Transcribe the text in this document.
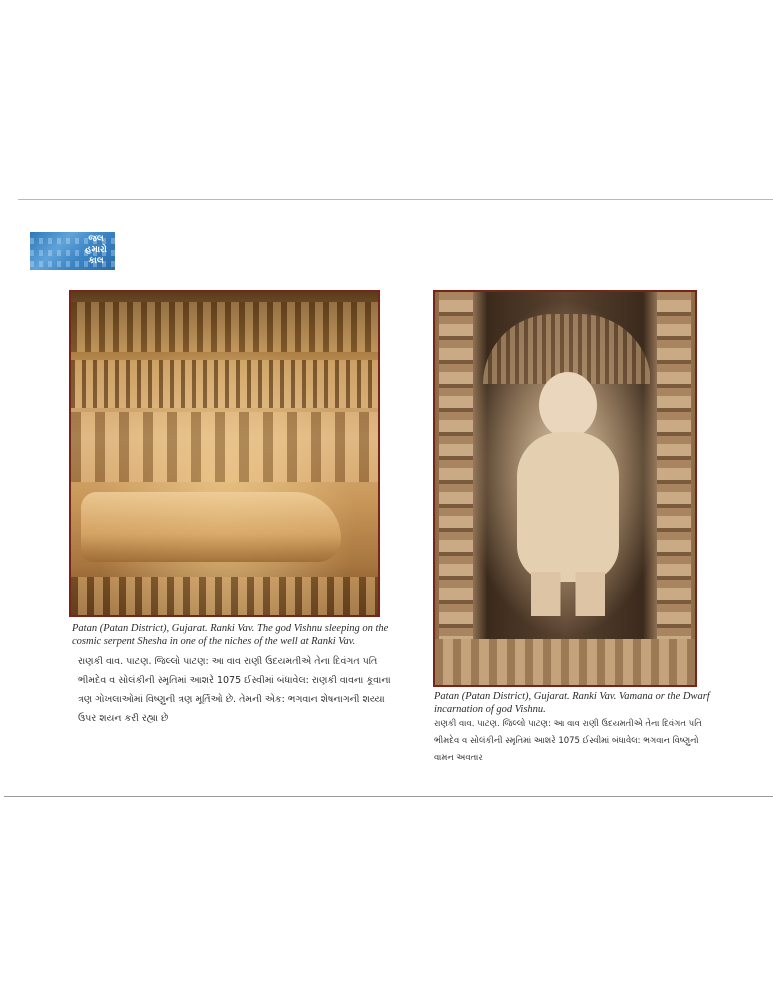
જલ હમારો કાલ

Patan (Patan District), Gujarat. Ranki Vav. The god Vishnu sleeping on the
cosmic serpent Shesha in one of the niches of the well at Ranki Vav.

રાણકી વાવ. પાટણ. જિલ્લો પાટણ: આ વાવ રાણી ઉદયમતીએ તેના દિવંગત પતિ
ભીમદેવ વ સોલંકીની સ્મૃતિમાં આશરે 1075 ઈસ્વીમાં બંધાવેલ: રાણકી વાવના કૂવાના
ત્રણ ગોખલાઓમાં વિષ્ણુની ત્રણ મૂર્તિઓ છે. તેમની એક: ભગવાન શેષનાગની શય્યા
ઉપર શયન કરી રહ્યા છે

Patan (Patan District), Gujarat. Ranki Vav. Vamana or the Dwarf
incarnation of god Vishnu.

રાણકી વાવ. પાટણ. જિલ્લો પાટણ: આ વાવ રાણી ઉદયમતીએ તેના દિવંગત પતિ
ભીમદેવ વ સોલંકીની સ્મૃતિમાં આશરે 1075 ઈસ્વીમાં બંધાવેલ: ભગવાન વિષ્ણુનો
વામન અવતાર
